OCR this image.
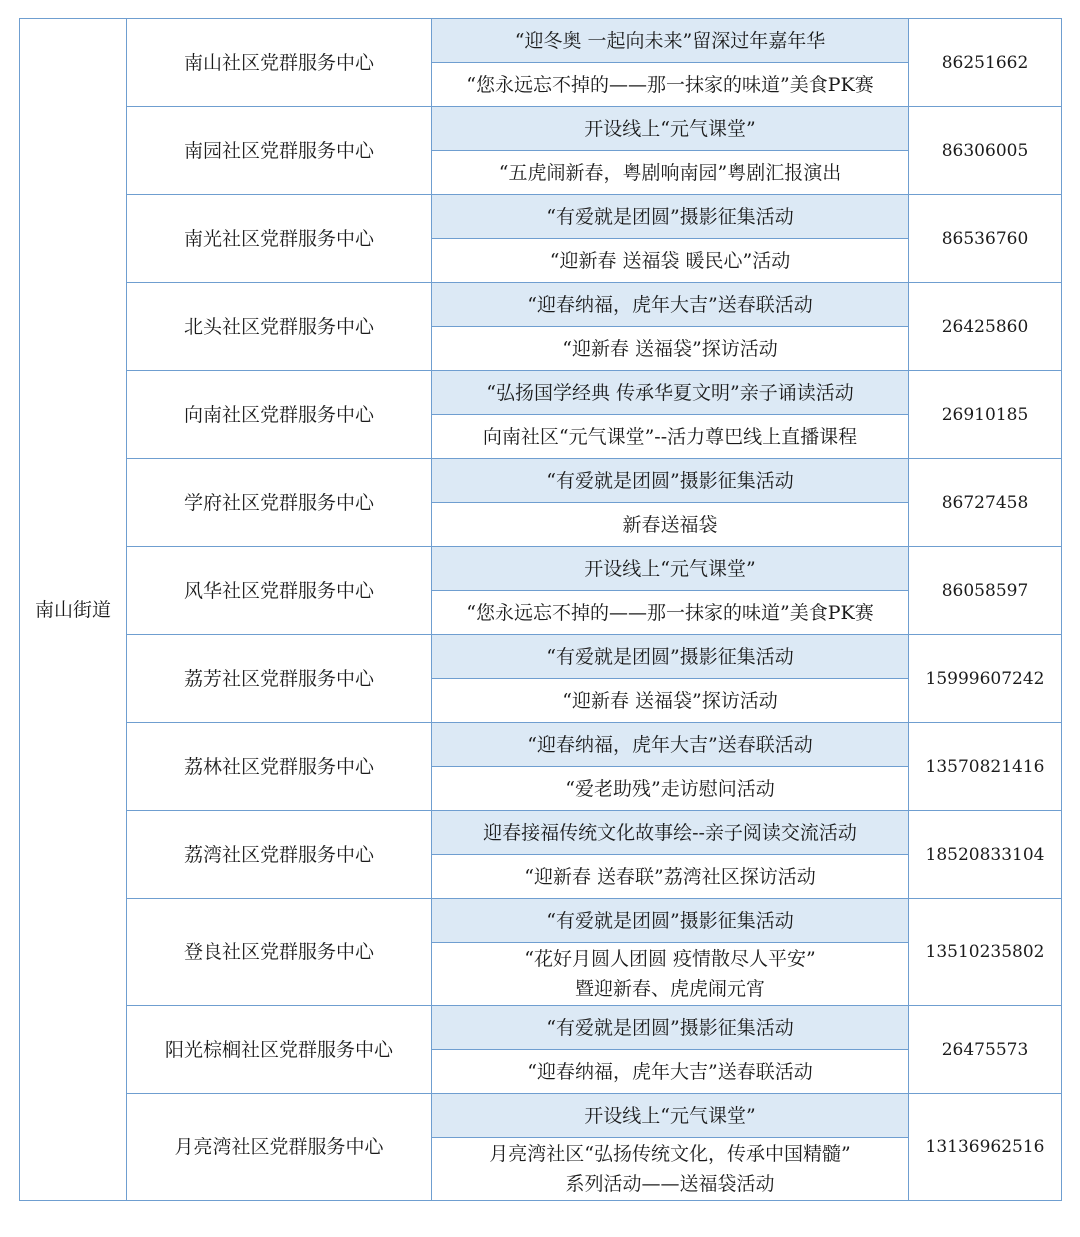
南山街道	南山社区党群服务中心	“迎冬奥 一起向未来”留深过年嘉年华	86251662
		“您永远忘不掉的——那一抹家的味道”美食PK赛	
	南园社区党群服务中心	开设线上“元气课堂”	86306005
		“五虎闹新春，粤剧响南园”粤剧汇报演出	
	南光社区党群服务中心	“有爱就是团圆”摄影征集活动	86536760
		“迎新春 送福袋 暖民心”活动	
	北头社区党群服务中心	“迎春纳福，虎年大吉”送春联活动	26425860
		“迎新春 送福袋”探访活动	
	向南社区党群服务中心	“弘扬国学经典 传承华夏文明”亲子诵读活动	26910185
		向南社区“元气课堂”--活力尊巴线上直播课程	
	学府社区党群服务中心	“有爱就是团圆”摄影征集活动	86727458
		新春送福袋	
	风华社区党群服务中心	开设线上“元气课堂”	86058597
		“您永远忘不掉的——那一抹家的味道”美食PK赛	
	荔芳社区党群服务中心	“有爱就是团圆”摄影征集活动	15999607242
		“迎新春 送福袋”探访活动	
	荔林社区党群服务中心	“迎春纳福，虎年大吉”送春联活动	13570821416
		“爱老助残”走访慰问活动	
	荔湾社区党群服务中心	迎春接福传统文化故事绘--亲子阅读交流活动	18520833104
		“迎新春 送春联”荔湾社区探访活动	
	登良社区党群服务中心	“有爱就是团圆”摄影征集活动	13510235802

		“花好月圆人团圆 疫情散尽人平安”
暨迎新春、虎虎闹元宵	

	阳光棕榈社区党群服务中心	“有爱就是团圆”摄影征集活动	26475573
		“迎春纳福，虎年大吉”送春联活动	
	月亮湾社区党群服务中心	开设线上“元气课堂”	13136962516

		月亮湾社区“弘扬传统文化，传承中国精髓”
系列活动——送福袋活动	
